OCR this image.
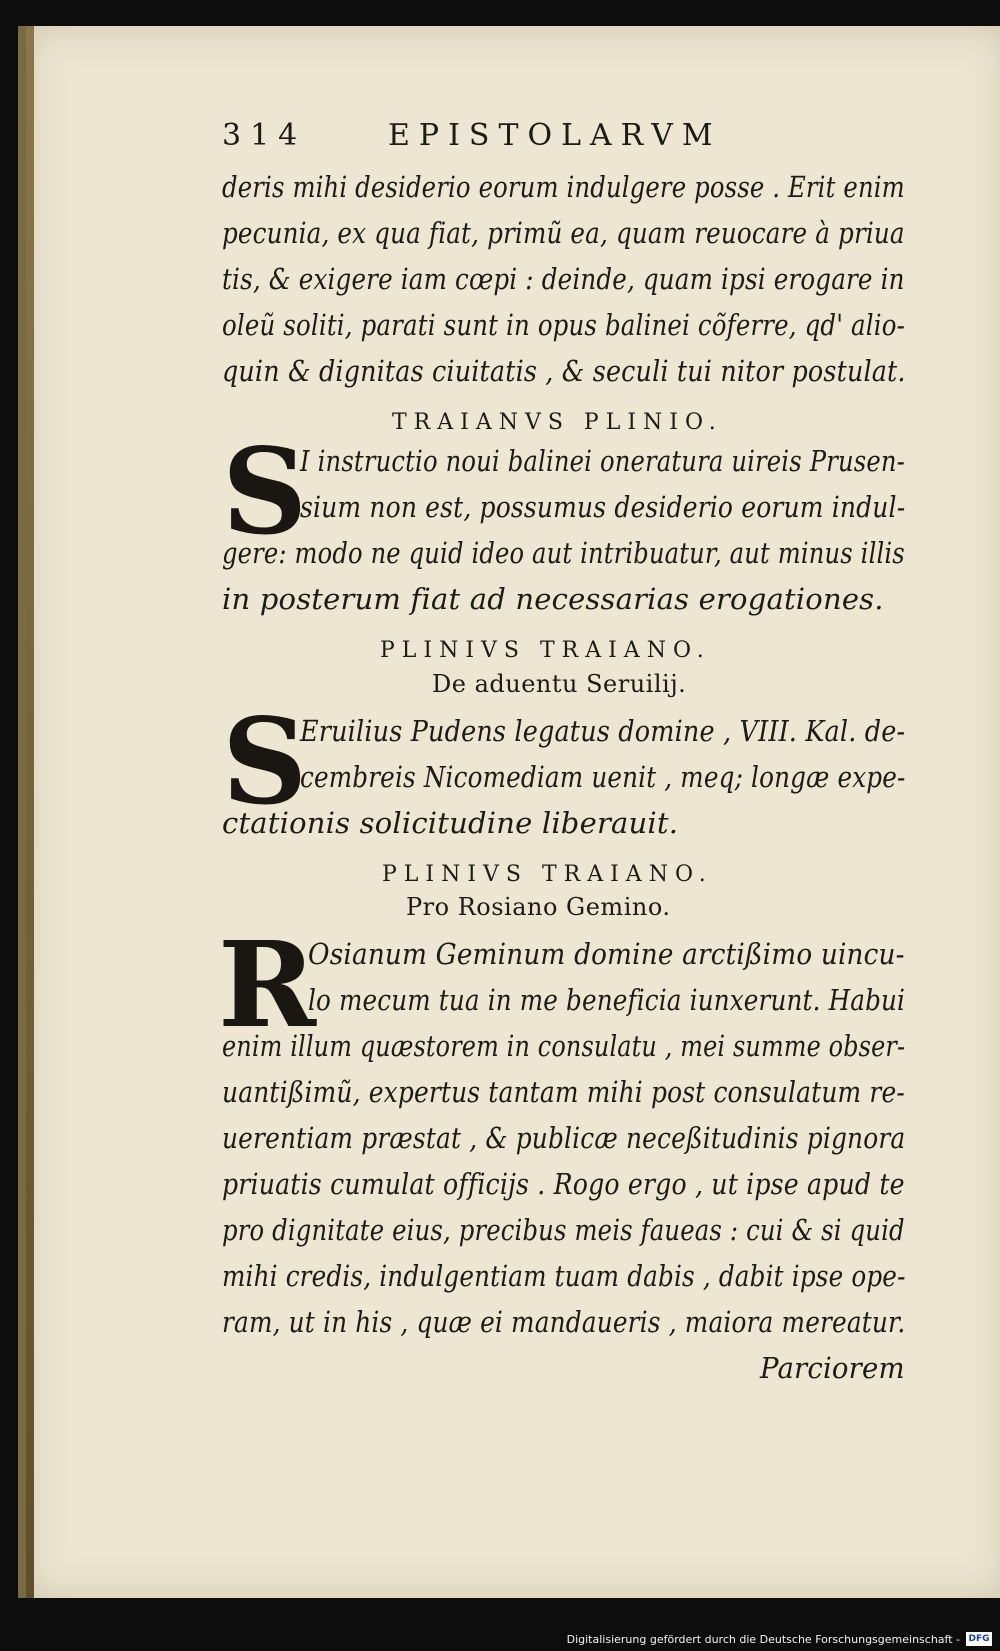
314	EPISTOLARVM
deris mihi desiderio eorum indulgere posse . Erit enim
pecunia, ex qua fiat, primũ ea, quam reuocare à priua
tis, & exigere iam cœpi : deinde, quam ipsi erogare in
oleũ soliti, parati sunt in opus balinei cõferre, qd' alio-
quin & dignitas ciuitatis , & seculi tui nitor postulat.
TRAIANVS PLINIO.
S
I instructio noui balinei oneratura uireis Prusen-
sium non est, possumus desiderio eorum indul-
gere: modo ne quid ideo aut intribuatur, aut minus illis
in posterum fiat ad necessarias erogationes.
PLINIVS TRAIANO.
De aduentu Seruilij.
S
Eruilius Pudens legatus domine , VIII. Kal. de-
cembreis Nicomediam uenit , meq; longæ expe-
ctationis solicitudine liberauit.
PLINIVS TRAIANO.
Pro Rosiano Gemino.
R
Osianum Geminum domine arctißimo uincu-
lo mecum tua in me beneficia iunxerunt. Habui
enim illum quæstorem in consulatu , mei summe obser-
uantißimũ, expertus tantam mihi post consulatum re-
uerentiam præstat , & publicæ neceßitudinis pignora
priuatis cumulat officijs . Rogo ergo , ut ipse apud te
pro dignitate eius, precibus meis faueas : cui & si quid
mihi credis, indulgentiam tuam dabis , dabit ipse ope-
ram, ut in his , quæ ei mandaueris , maiora mereatur.
Parciorem
Digitalisierung gefördert durch die Deutsche Forschungsgemeinschaft - DFG
